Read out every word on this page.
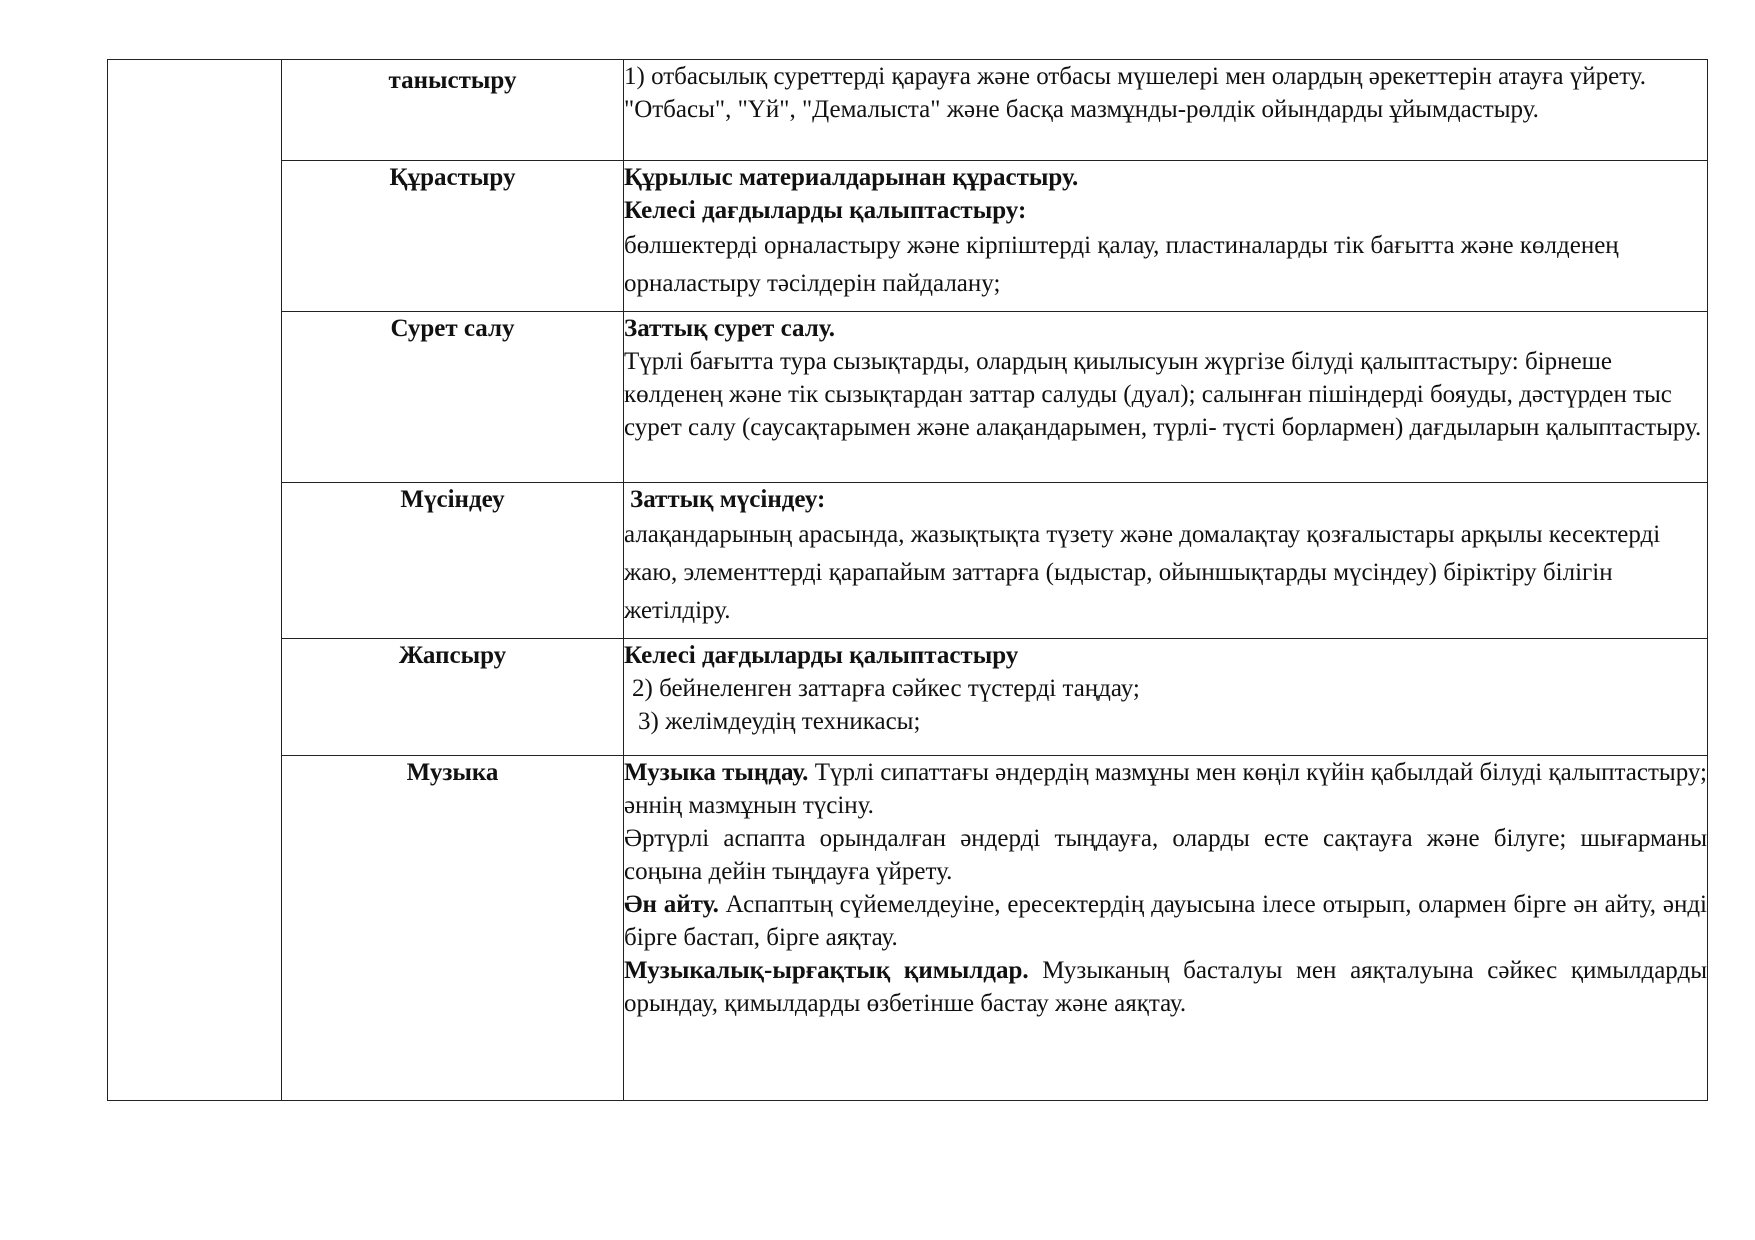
	таныстыру	1) отбасылық суреттерді қарауға және отбасы мүшелері мен олардың әрекеттерін атауға үйрету. "Отбасы", "Үй", "Демалыста" және басқа мазмұнды-рөлдік ойындарды ұйымдастыру.

	Құрастыру	Құрылыс материалдарынан құрастыру.
Келесі дағдыларды қалыптастыру:
бөлшектерді орналастыру және кірпіштерді қалау, пластиналарды тік бағытта және көлденең орналастыру тәсілдерін пайдалану;

	Сурет салу	Заттық сурет салу.
Түрлі бағытта тура сызықтарды, олардың қиылысуын жүргізе білуді қалыптастыру: бірнеше көлденең және тік сызықтардан заттар салуды (дуал); салынған пішіндерді бояуды, дәстүрден тыс сурет салу (саусақтарымен және алақандарымен, түрлі- түсті борлармен) дағдыларын қалыптастыру.

	Мүсіндеу	Заттық мүсіндеу:
алақандарының арасында, жазықтықта түзету және домалақтау қозғалыстары арқылы кесектерді жаю, элементтерді қарапайым заттарға (ыдыстар, ойыншықтарды мүсіндеу) біріктіру білігін жетілдіру.

	Жапсыру	Келесі дағдыларды қалыптастыру
2) бейнеленген заттарға сәйкес түстерді таңдау;
3) желімдеудің техникасы;

	Музыка	Музыка тыңдау. Түрлі сипаттағы әндердің мазмұны мен көңіл күйін қабылдай білуді қалыптастыру; әннің мазмұнын түсіну.
Әртүрлі аспапта орындалған әндерді тыңдауға, оларды есте сақтауға және білуге; шығарманы соңына дейін тыңдауға үйрету.
Ән айту. Аспаптың сүйемелдеуіне, ересектердің дауысына ілесе отырып, олармен бірге ән айту, әнді бірге бастап, бірге аяқтау.
Музыкалық-ырғақтық қимылдар. Музыканың басталуы мен аяқталуына сәйкес қимылдарды орындау, қимылдарды өзбетінше бастау және аяқтау.
